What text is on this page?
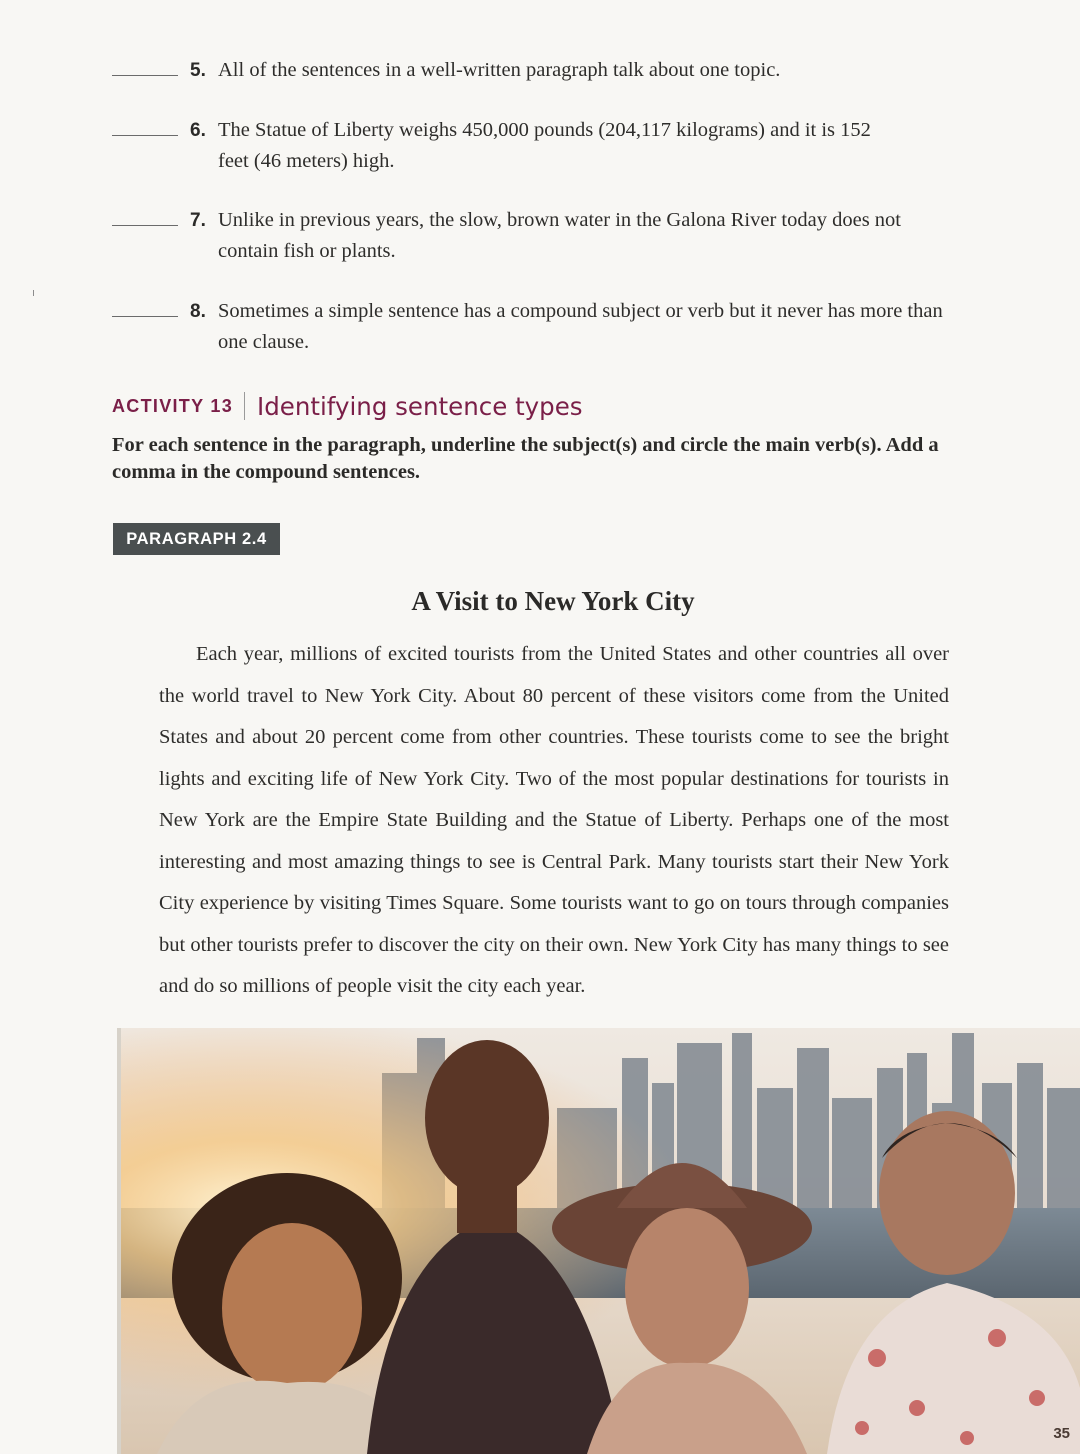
5. All of the sentences in a well-written paragraph talk about one topic.
6. The Statue of Liberty weighs 450,000 pounds (204,117 kilograms) and it is 152 feet (46 meters) high.
7. Unlike in previous years, the slow, brown water in the Galona River today does not contain fish or plants.
8. Sometimes a simple sentence has a compound subject or verb but it never has more than one clause.
ACTIVITY 13 Identifying sentence types
For each sentence in the paragraph, underline the subject(s) and circle the main verb(s). Add a comma in the compound sentences.
PARAGRAPH 2.4
A Visit to New York City
Each year, millions of excited tourists from the United States and other countries all over the world travel to New York City. About 80 percent of these visitors come from the United States and about 20 percent come from other countries. These tourists come to see the bright lights and exciting life of New York City. Two of the most popular destinations for tourists in New York are the Empire State Building and the Statue of Liberty. Perhaps one of the most interesting and most amazing things to see is Central Park. Many tourists start their New York City experience by visiting Times Square. Some tourists want to go on tours through companies but other tourists prefer to discover the city on their own. New York City has many things to see and do so millions of people visit the city each year.
35
